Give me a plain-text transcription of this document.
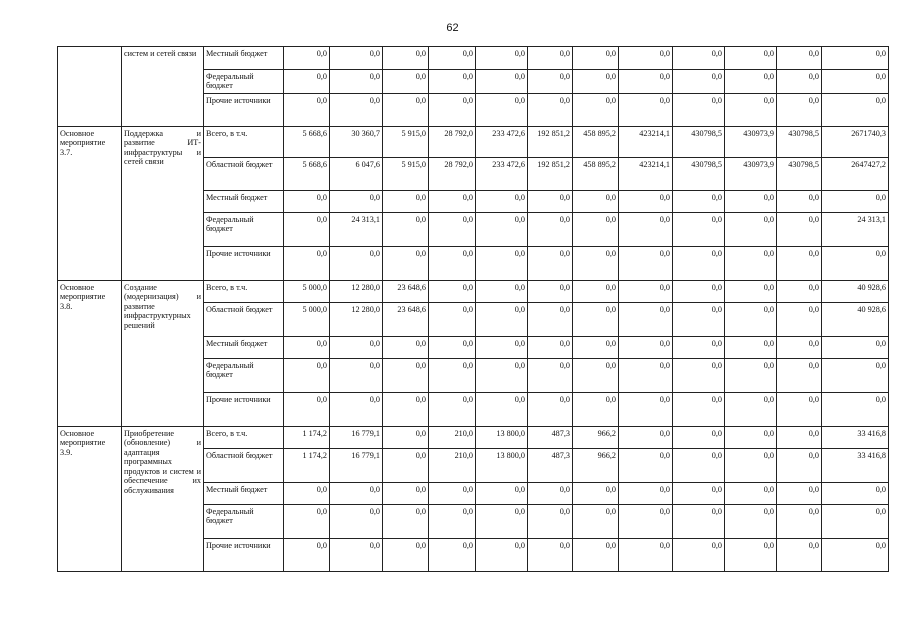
62
	систем и сетей связи	Местный бюджет	0,0	0,0	0,0	0,0	0,0	0,0	0,0	0,0	0,0	0,0	0,0	0,0
		Федеральный бюджет	0,0	0,0	0,0	0,0	0,0	0,0	0,0	0,0	0,0	0,0	0,0	0,0
		Прочие источники	0,0	0,0	0,0	0,0	0,0	0,0	0,0	0,0	0,0	0,0	0,0	0,0
Основное мероприятие 3.7.	Поддержка и развитие ИТ-инфраструктуры и сетей связи	Всего, в т.ч.	5 668,6	30 360,7	5 915,0	28 792,0	233 472,6	192 851,2	458 895,2	423214,1	430798,5	430973,9	430798,5	2671740,3
		Областной бюджет	5 668,6	6 047,6	5 915,0	28 792,0	233 472,6	192 851,2	458 895,2	423214,1	430798,5	430973,9	430798,5	2647427,2
		Местный бюджет	0,0	0,0	0,0	0,0	0,0	0,0	0,0	0,0	0,0	0,0	0,0	0,0
		Федеральный бюджет	0,0	24 313,1	0,0	0,0	0,0	0,0	0,0	0,0	0,0	0,0	0,0	24 313,1
		Прочие источники	0,0	0,0	0,0	0,0	0,0	0,0	0,0	0,0	0,0	0,0	0,0	0,0
Основное мероприятие 3.8.	Создание (модернизация) и развитие инфраструктурных решений	Всего, в т.ч.	5 000,0	12 280,0	23 648,6	0,0	0,0	0,0	0,0	0,0	0,0	0,0	0,0	40 928,6
		Областной бюджет	5 000,0	12 280,0	23 648,6	0,0	0,0	0,0	0,0	0,0	0,0	0,0	0,0	40 928,6
		Местный бюджет	0,0	0,0	0,0	0,0	0,0	0,0	0,0	0,0	0,0	0,0	0,0	0,0
		Федеральный бюджет	0,0	0,0	0,0	0,0	0,0	0,0	0,0	0,0	0,0	0,0	0,0	0,0
		Прочие источники	0,0	0,0	0,0	0,0	0,0	0,0	0,0	0,0	0,0	0,0	0,0	0,0
Основное мероприятие 3.9.	Приобретение (обновление) и адаптация программных продуктов и систем и обеспечение их обслуживания	Всего, в т.ч.	1 174,2	16 779,1	0,0	210,0	13 800,0	487,3	966,2	0,0	0,0	0,0	0,0	33 416,8
		Областной бюджет	1 174,2	16 779,1	0,0	210,0	13 800,0	487,3	966,2	0,0	0,0	0,0	0,0	33 416,8
		Местный бюджет	0,0	0,0	0,0	0,0	0,0	0,0	0,0	0,0	0,0	0,0	0,0	0,0
		Федеральный бюджет	0,0	0,0	0,0	0,0	0,0	0,0	0,0	0,0	0,0	0,0	0,0	0,0
		Прочие источники	0,0	0,0	0,0	0,0	0,0	0,0	0,0	0,0	0,0	0,0	0,0	0,0
